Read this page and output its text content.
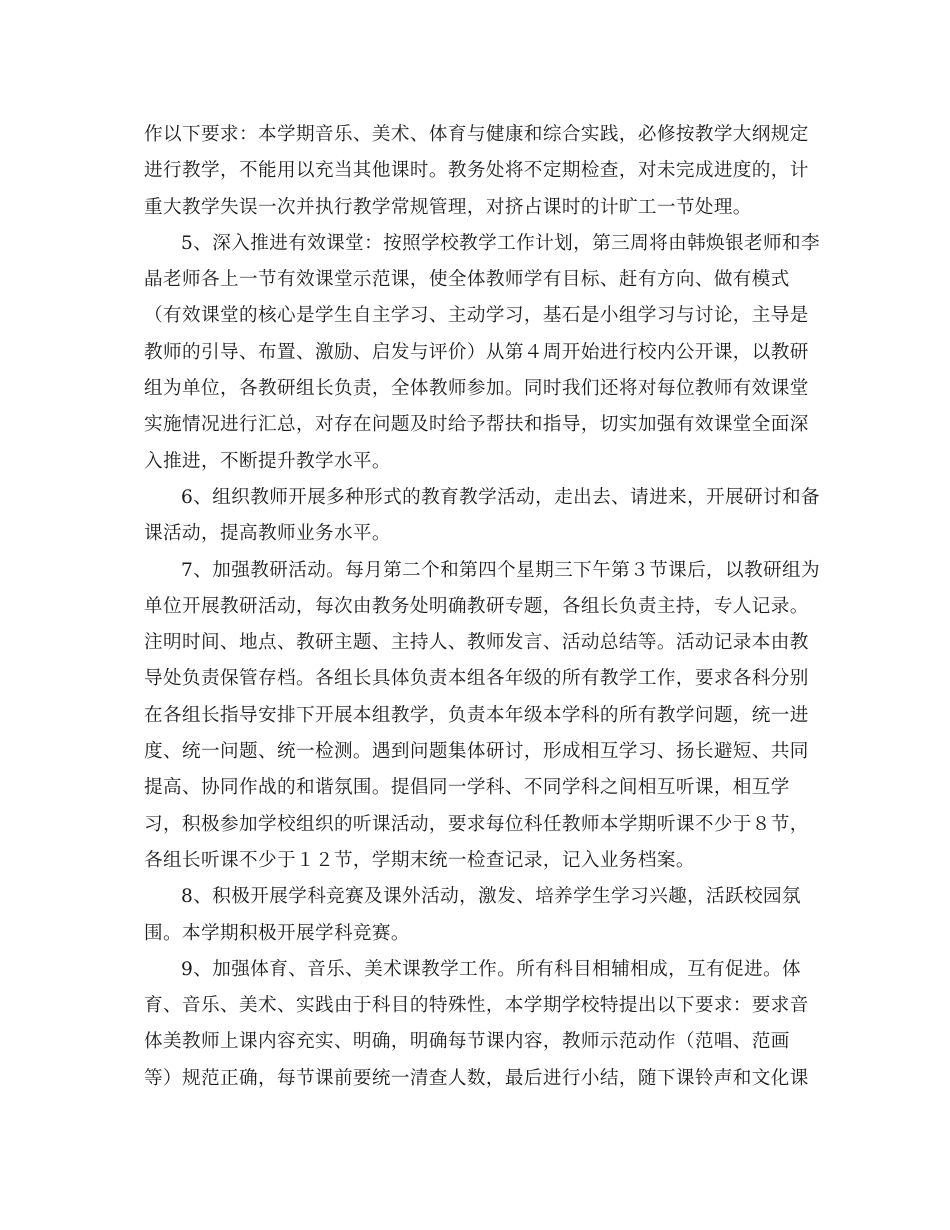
作以下要求：本学期音乐、美术、体育与健康和综合实践，必修按教学大纲规定
进行教学，不能用以充当其他课时。教务处将不定期检查，对未完成进度的，计
重大教学失误一次并执行教学常规管理，对挤占课时的计旷工一节处理。
5、深入推进有效课堂：按照学校教学工作计划，第三周将由韩焕银老师和李
晶老师各上一节有效课堂示范课，使全体教师学有目标、赶有方向、做有模式
（有效课堂的核心是学生自主学习、主动学习，基石是小组学习与讨论，主导是
教师的引导、布置、激励、启发与评价）从第４周开始进行校内公开课，以教研
组为单位，各教研组长负责，全体教师参加。同时我们还将对每位教师有效课堂
实施情况进行汇总，对存在问题及时给予帮扶和指导，切实加强有效课堂全面深
入推进，不断提升教学水平。
6、组织教师开展多种形式的教育教学活动，走出去、请进来，开展研讨和备
课活动，提高教师业务水平。
7、加强教研活动。每月第二个和第四个星期三下午第３节课后，以教研组为
单位开展教研活动，每次由教务处明确教研专题，各组长负责主持，专人记录。
注明时间、地点、教研主题、主持人、教师发言、活动总结等。活动记录本由教
导处负责保管存档。各组长具体负责本组各年级的所有教学工作，要求各科分别
在各组长指导安排下开展本组教学，负责本年级本学科的所有教学问题，统一进
度、统一问题、统一检测。遇到问题集体研讨，形成相互学习、扬长避短、共同
提高、协同作战的和谐氛围。提倡同一学科、不同学科之间相互听课，相互学
习，积极参加学校组织的听课活动，要求每位科任教师本学期听课不少于８节，
各组长听课不少于１２节，学期末统一检查记录，记入业务档案。
8、积极开展学科竞赛及课外活动，激发、培养学生学习兴趣，活跃校园氛
围。本学期积极开展学科竞赛。
9、加强体育、音乐、美术课教学工作。所有科目相辅相成，互有促进。体
育、音乐、美术、实践由于科目的特殊性，本学期学校特提出以下要求：要求音
体美教师上课内容充实、明确，明确每节课内容，教师示范动作（范唱、范画
等）规范正确，每节课前要统一清查人数，最后进行小结，随下课铃声和文化课
